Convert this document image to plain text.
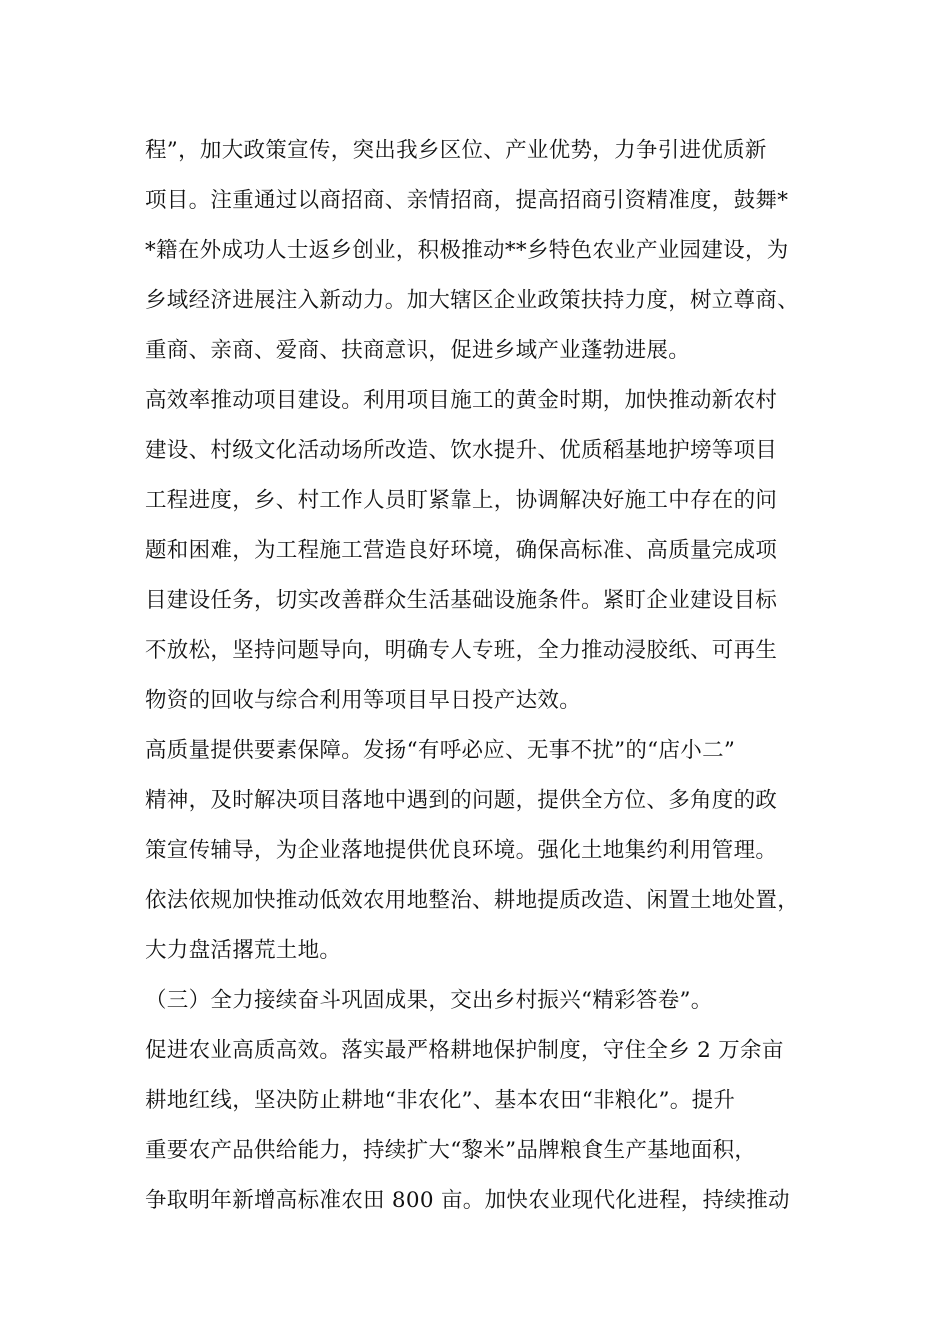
程”，加大政策宣传，突出我乡区位、产业优势，力争引进优质新
项目。注重通过以商招商、亲情招商，提高招商引资精准度，鼓舞*
*籍在外成功人士返乡创业，积极推动**乡特色农业产业园建设，为
乡域经济进展注入新动力。加大辖区企业政策扶持力度，树立尊商、
重商、亲商、爱商、扶商意识，促进乡域产业蓬勃进展。
高效率推动项目建设。利用项目施工的黄金时期，加快推动新农村
建设、村级文化活动场所改造、饮水提升、优质稻基地护塝等项目
工程进度，乡、村工作人员盯紧靠上，协调解决好施工中存在的问
题和困难，为工程施工营造良好环境，确保高标准、高质量完成项
目建设任务，切实改善群众生活基础设施条件。紧盯企业建设目标
不放松，坚持问题导向，明确专人专班，全力推动浸胶纸、可再生
物资的回收与综合利用等项目早日投产达效。
高质量提供要素保障。发扬“有呼必应、无事不扰”的“店小二”
精神，及时解决项目落地中遇到的问题，提供全方位、多角度的政
策宣传辅导，为企业落地提供优良环境。强化土地集约利用管理。
依法依规加快推动低效农用地整治、耕地提质改造、闲置土地处置，
大力盘活撂荒土地。
（三）全力接续奋斗巩固成果，交出乡村振兴“精彩答卷”。
促进农业高质高效。落实最严格耕地保护制度，守住全乡 2 万余亩
耕地红线，坚决防止耕地“非农化”、基本农田“非粮化”。提升
重要农产品供给能力，持续扩大“黎米”品牌粮食生产基地面积，
争取明年新增高标准农田 800 亩。加快农业现代化进程，持续推动
